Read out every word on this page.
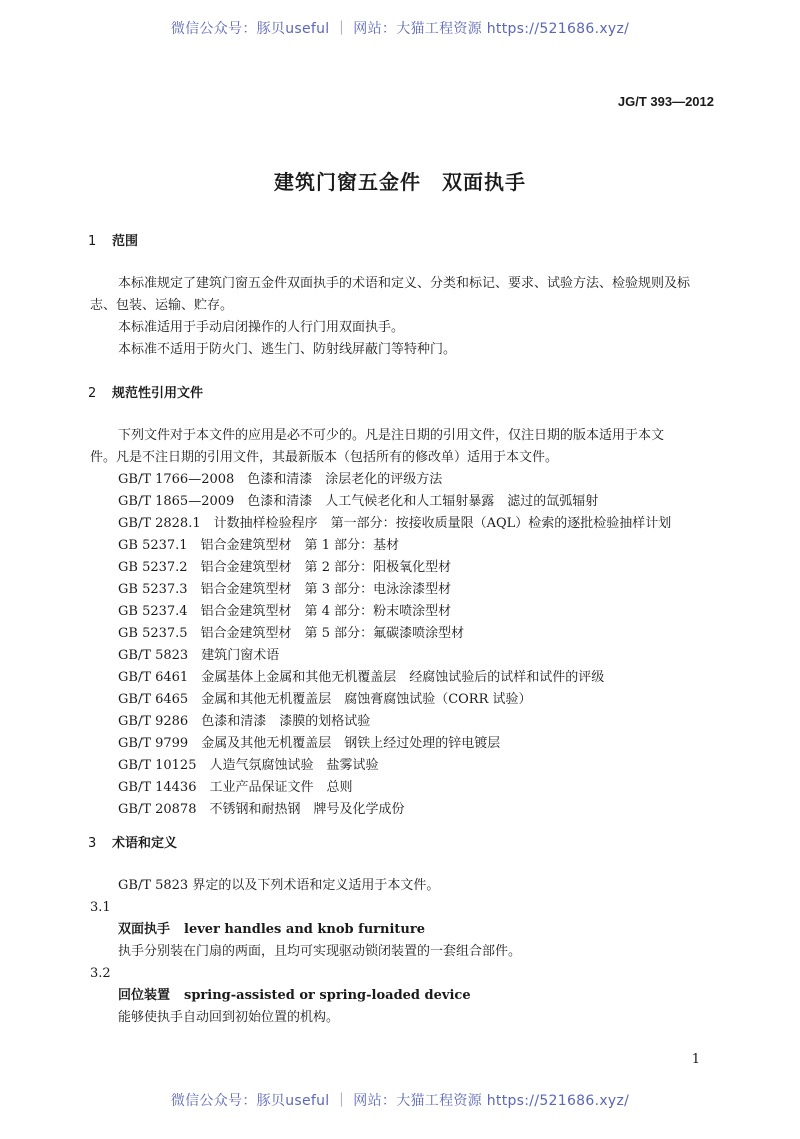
微信公众号：豚贝useful ｜ 网站：大猫工程资源 https://521686.xyz/
JG/T 393—2012
建筑门窗五金件　双面执手
1 范围
本标准规定了建筑门窗五金件双面执手的术语和定义、分类和标记、要求、试验方法、检验规则及标
志、包装、运输、贮存。
本标准适用于手动启闭操作的人行门用双面执手。
本标准不适用于防火门、逃生门、防射线屏蔽门等特种门。
2 规范性引用文件
下列文件对于本文件的应用是必不可少的。凡是注日期的引用文件，仅注日期的版本适用于本文
件。凡是不注日期的引用文件，其最新版本（包括所有的修改单）适用于本文件。
GB/T 1766—2008　色漆和清漆　涂层老化的评级方法
GB/T 1865—2009　色漆和清漆　人工气候老化和人工辐射暴露　滤过的氙弧辐射
GB/T 2828.1　计数抽样检验程序　第一部分：按接收质量限（AQL）检索的逐批检验抽样计划
GB 5237.1　铝合金建筑型材　第 1 部分：基材
GB 5237.2　铝合金建筑型材　第 2 部分：阳极氧化型材
GB 5237.3　铝合金建筑型材　第 3 部分：电泳涂漆型材
GB 5237.4　铝合金建筑型材　第 4 部分：粉末喷涂型材
GB 5237.5　铝合金建筑型材　第 5 部分：氟碳漆喷涂型材
GB/T 5823　建筑门窗术语
GB/T 6461　金属基体上金属和其他无机覆盖层　经腐蚀试验后的试样和试件的评级
GB/T 6465　金属和其他无机覆盖层　腐蚀膏腐蚀试验（CORR 试验）
GB/T 9286　色漆和清漆　漆膜的划格试验
GB/T 9799　金属及其他无机覆盖层　钢铁上经过处理的锌电镀层
GB/T 10125　人造气氛腐蚀试验　盐雾试验
GB/T 14436　工业产品保证文件　总则
GB/T 20878　不锈钢和耐热钢　牌号及化学成份
3 术语和定义
GB/T 5823 界定的以及下列术语和定义适用于本文件。
3.1
双面执手 lever handles and knob furniture
执手分别装在门扇的两面，且均可实现驱动锁闭装置的一套组合部件。
3.2
回位装置 spring-assisted or spring-loaded device
能够使执手自动回到初始位置的机构。
1
微信公众号：豚贝useful ｜ 网站：大猫工程资源 https://521686.xyz/
